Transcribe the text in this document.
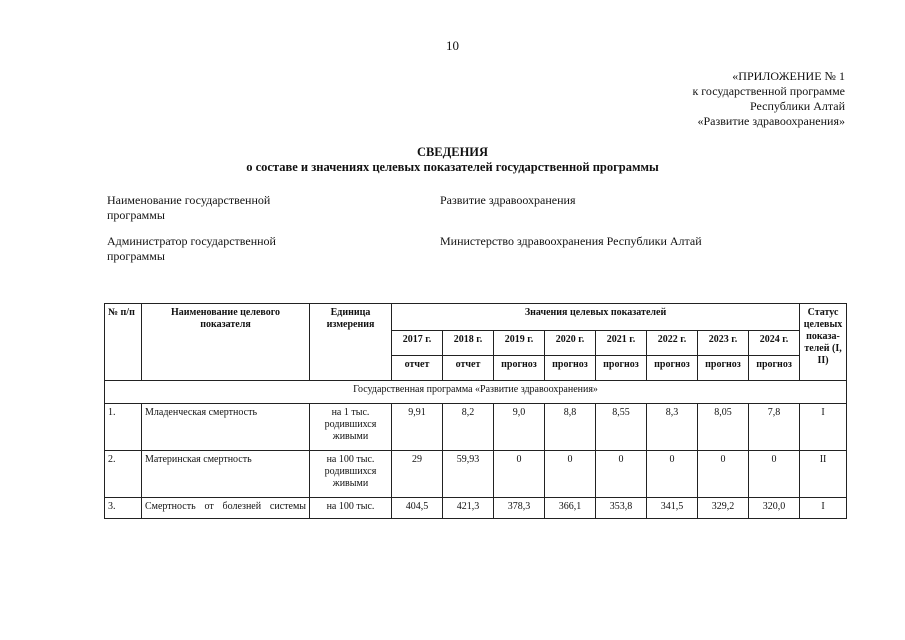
10
«ПРИЛОЖЕНИЕ № 1
к государственной программе
Республики Алтай
«Развитие здравоохранения»
СВЕДЕНИЯ
о составе и значениях целевых показателей государственной программы
Наименование государственной программы
Развитие здравоохранения
Администратор государственной программы
Министерство здравоохранения Республики Алтай
№ п/п	Наименование целевого показателя	Единица измерения	Значения целевых показателей								Статус целевых показа-телей (I, II)
			2017 г.	2018 г.	2019 г.	2020 г.	2021 г.	2022 г.	2023 г.	2024 г.	
			отчет	отчет	прогноз	прогноз	прогноз	прогноз	прогноз	прогноз	
Государственная программа «Развитие здравоохранения»											
1.	Младенческая смертность	на 1 тыс. родившихся живыми	9,91	8,2	9,0	8,8	8,55	8,3	8,05	7,8	I
2.	Материнская смертность	на 100 тыс. родившихся живыми	29	59,93	0	0	0	0	0	0	II
3.	Смертность от болезней системы	на 100 тыс.	404,5	421,3	378,3	366,1	353,8	341,5	329,2	320,0	I
